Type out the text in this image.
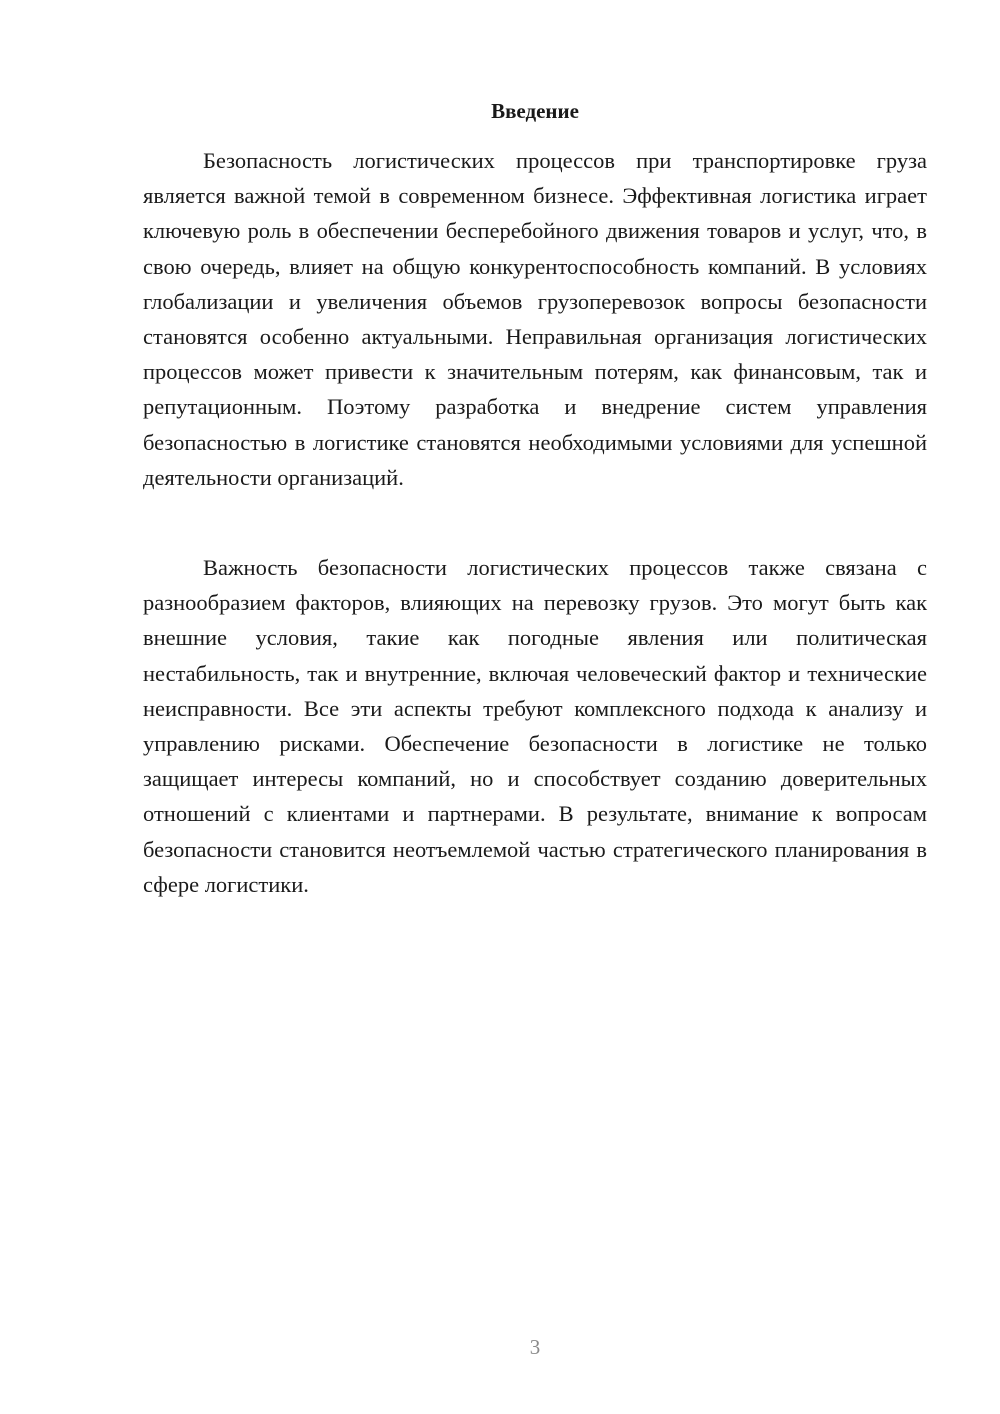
Введение

Безопасность логистических процессов при транспортировке груза является важной темой в современном бизнесе. Эффективная логистика играет ключевую роль в обеспечении бесперебойного движения товаров и услуг, что, в свою очередь, влияет на общую конкурентоспособность компаний. В условиях глобализации и увеличения объемов грузоперевозок вопросы безопасности становятся особенно актуальными. Неправильная организация логистических процессов может привести к значительным потерям, как финансовым, так и репутационным. Поэтому разработка и внедрение систем управления безопасностью в логистике становятся необходимыми условиями для успешной деятельности организаций.

Важность безопасности логистических процессов также связана с разнообразием факторов, влияющих на перевозку грузов. Это могут быть как внешние условия, такие как погодные явления или политическая нестабильность, так и внутренние, включая человеческий фактор и технические неисправности. Все эти аспекты требуют комплексного подхода к анализу и управлению рисками. Обеспечение безопасности в логистике не только защищает интересы компаний, но и способствует созданию доверительных отношений с клиентами и партнерами. В результате, внимание к вопросам безопасности становится неотъемлемой частью стратегического планирования в сфере логистики.

3
